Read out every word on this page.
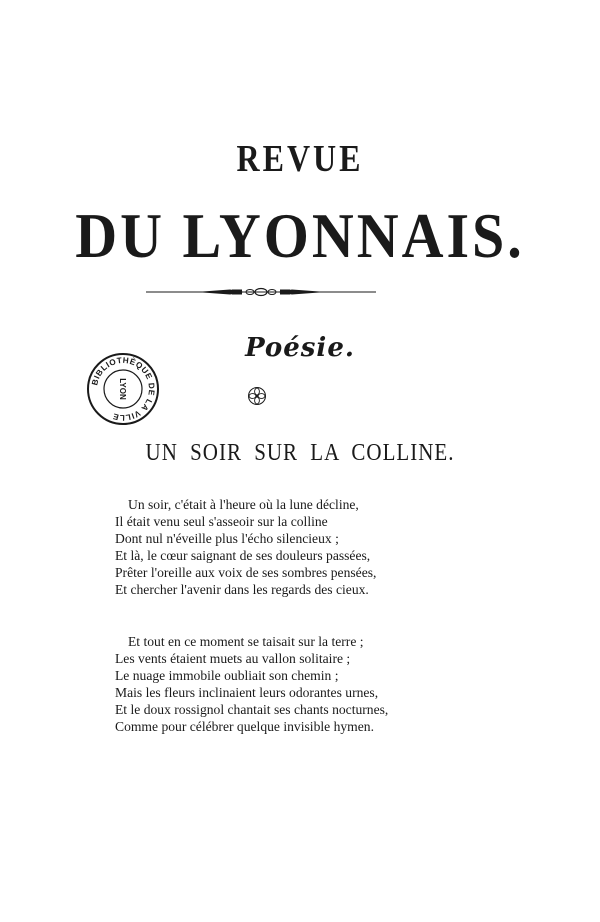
REVUE
DU LYONNAIS.
Poésie.
BIBLIOTHÈQUE DE LA VILLE
LYON
UN SOIR SUR LA COLLINE.
Un soir, c'était à l'heure où la lune décline,
Il était venu seul s'asseoir sur la colline
Dont nul n'éveille plus l'écho silencieux ;
Et là, le cœur saignant de ses douleurs passées,
Prêter l'oreille aux voix de ses sombres pensées,
Et chercher l'avenir dans les regards des cieux.
Et tout en ce moment se taisait sur la terre ;
Les vents étaient muets au vallon solitaire ;
Le nuage immobile oubliait son chemin ;
Mais les fleurs inclinaient leurs odorantes urnes,
Et le doux rossignol chantait ses chants nocturnes,
Comme pour célébrer quelque invisible hymen.
